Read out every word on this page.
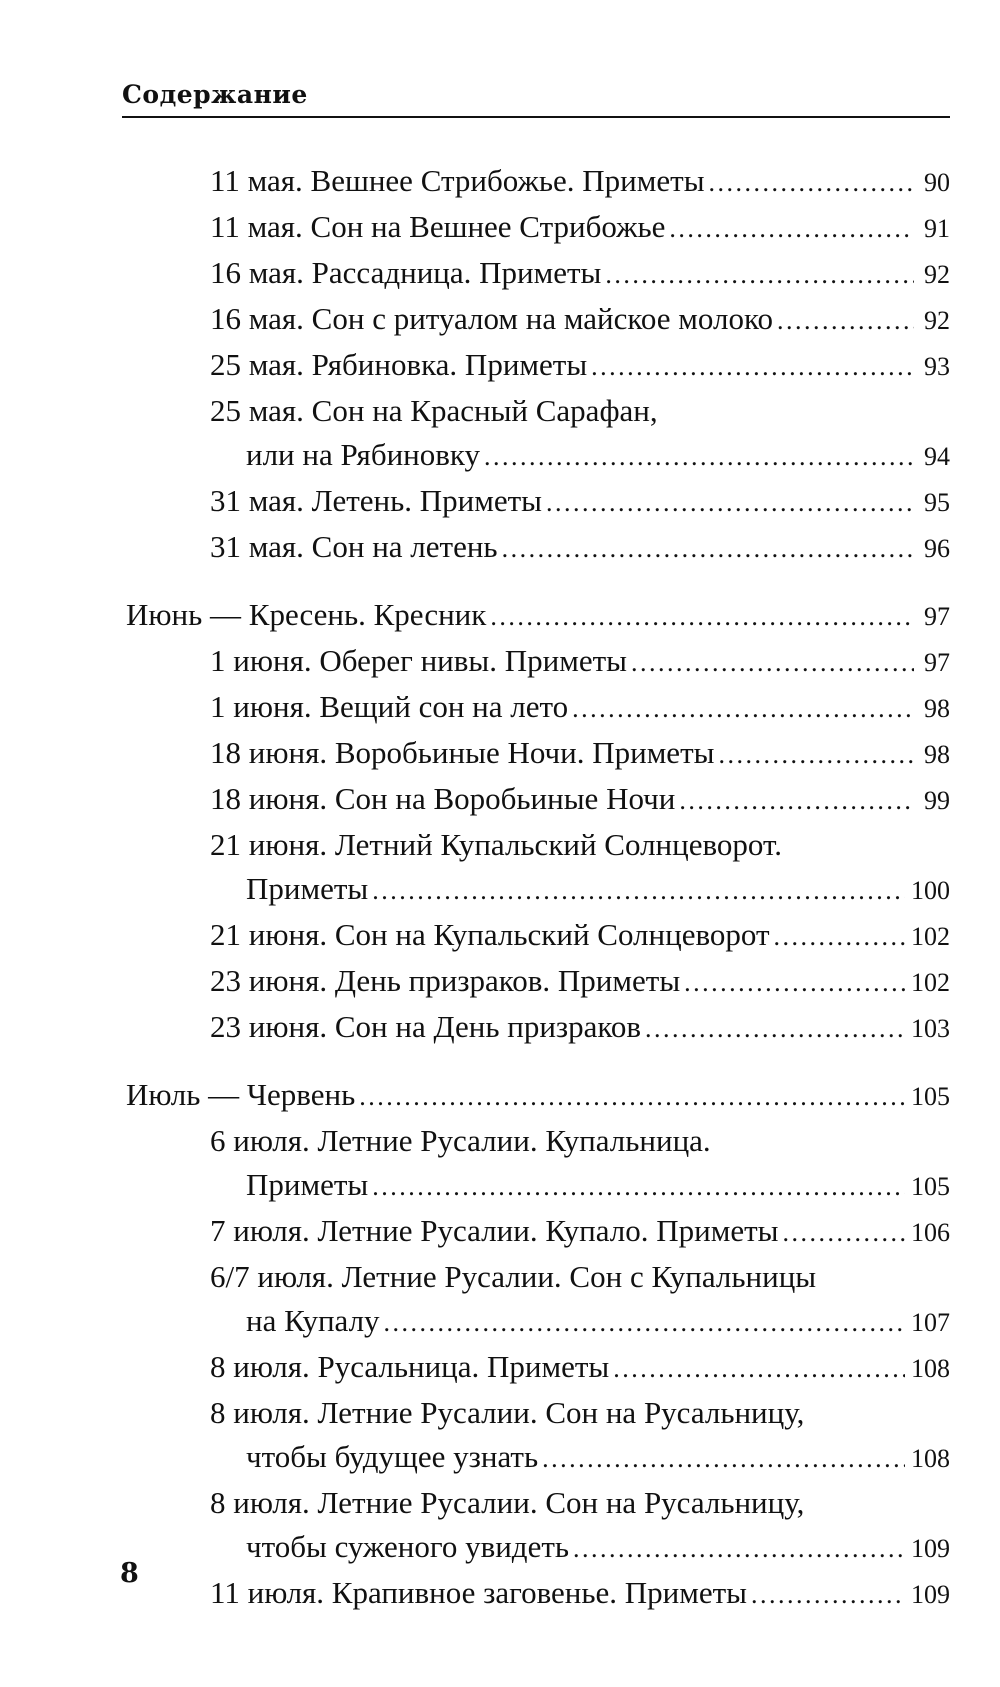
Содержание
11 мая. Вешнее Стрибожье. Приметы . . .	90
11 мая. Сон на Вешнее Стрибожье . . .	91
16 мая. Рассадница. Приметы . . .	92
16 мая. Сон с ритуалом на майское молоко . . .	92
25 мая. Рябиновка. Приметы . . .	93
25 мая. Сон на Красный Сарафан,
или на Рябиновку . . .	94
31 мая. Летень. Приметы . . .	95
31 мая. Сон на летень . . .	96
Июнь — Кресень. Кресник . . .	97
1 июня. Оберег нивы. Приметы . . .	97
1 июня. Вещий сон на лето . . .	98
18 июня. Воробьиные Ночи. Приметы . . .	98
18 июня. Сон на Воробьиные Ночи . . .	99
21 июня. Летний Купальский Солнцеворот.
Приметы . . .	100
21 июня. Сон на Купальский Солнцеворот . . .	102
23 июня. День призраков. Приметы . . .	102
23 июня. Сон на День призраков . . .	103
Июль — Червень . . .	105
6 июля. Летние Русалии. Купальница.
Приметы . . .	105
7 июля. Летние Русалии. Купало. Приметы . . .	106
6/7 июля. Летние Русалии. Сон с Купальницы
на Купалу . . .	107
8 июля. Русальница. Приметы . . .	108
8 июля. Летние Русалии. Сон на Русальницу,
чтобы будущее узнать . . .	108
8 июля. Летние Русалии. Сон на Русальницу,
чтобы суженого увидеть . . .	109
11 июля. Крапивное заговенье. Приметы . . .	109
8
